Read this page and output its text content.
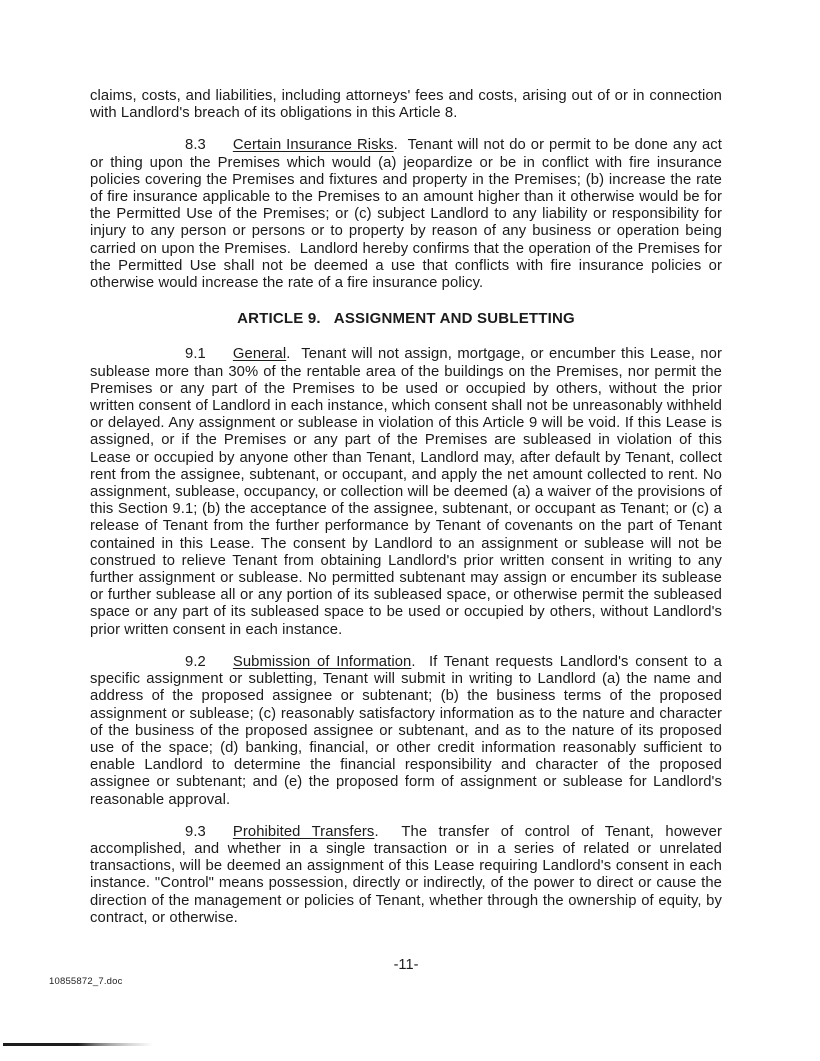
claims, costs, and liabilities, including attorneys' fees and costs, arising out of or in connection with Landlord's breach of its obligations in this Article 8.

8.3 Certain Insurance Risks.  Tenant will not do or permit to be done any act or thing upon the Premises which would (a) jeopardize or be in conflict with fire insurance policies covering the Premises and fixtures and property in the Premises; (b) increase the rate of fire insurance applicable to the Premises to an amount higher than it otherwise would be for the Permitted Use of the Premises; or (c) subject Landlord to any liability or responsibility for injury to any person or persons or to property by reason of any business or operation being carried on upon the Premises.  Landlord hereby confirms that the operation of the Premises for the Permitted Use shall not be deemed a use that conflicts with fire insurance policies or otherwise would increase the rate of a fire insurance policy.

ARTICLE 9. ASSIGNMENT AND SUBLETTING

9.1 General.  Tenant will not assign, mortgage, or encumber this Lease, nor sublease more than 30% of the rentable area of the buildings on the Premises, nor permit the Premises or any part of the Premises to be used or occupied by others, without the prior written consent of Landlord in each instance, which consent shall not be unreasonably withheld or delayed. Any assignment or sublease in violation of this Article 9 will be void. If this Lease is assigned, or if the Premises or any part of the Premises are subleased in violation of this Lease or occupied by anyone other than Tenant, Landlord may, after default by Tenant, collect rent from the assignee, subtenant, or occupant, and apply the net amount collected to rent. No assignment, sublease, occupancy, or collection will be deemed (a) a waiver of the provisions of this Section 9.1; (b) the acceptance of the assignee, subtenant, or occupant as Tenant; or (c) a release of Tenant from the further performance by Tenant of covenants on the part of Tenant contained in this Lease. The consent by Landlord to an assignment or sublease will not be construed to relieve Tenant from obtaining Landlord's prior written consent in writing to any further assignment or sublease. No permitted subtenant may assign or encumber its sublease or further sublease all or any portion of its subleased space, or otherwise permit the subleased space or any part of its subleased space to be used or occupied by others, without Landlord's prior written consent in each instance.

9.2 Submission of Information.  If Tenant requests Landlord's consent to a specific assignment or subletting, Tenant will submit in writing to Landlord (a) the name and address of the proposed assignee or subtenant; (b) the business terms of the proposed assignment or sublease; (c) reasonably satisfactory information as to the nature and character of the business of the proposed assignee or subtenant, and as to the nature of its proposed use of the space; (d) banking, financial, or other credit information reasonably sufficient to enable Landlord to determine the financial responsibility and character of the proposed assignee or subtenant; and (e) the proposed form of assignment or sublease for Landlord's reasonable approval.

9.3 Prohibited Transfers.  The transfer of control of Tenant, however accomplished, and whether in a single transaction or in a series of related or unrelated transactions, will be deemed an assignment of this Lease requiring Landlord's consent in each instance. "Control" means possession, directly or indirectly, of the power to direct or cause the direction of the management or policies of Tenant, whether through the ownership of equity, by contract, or otherwise.

-11-
10855872_7.doc
